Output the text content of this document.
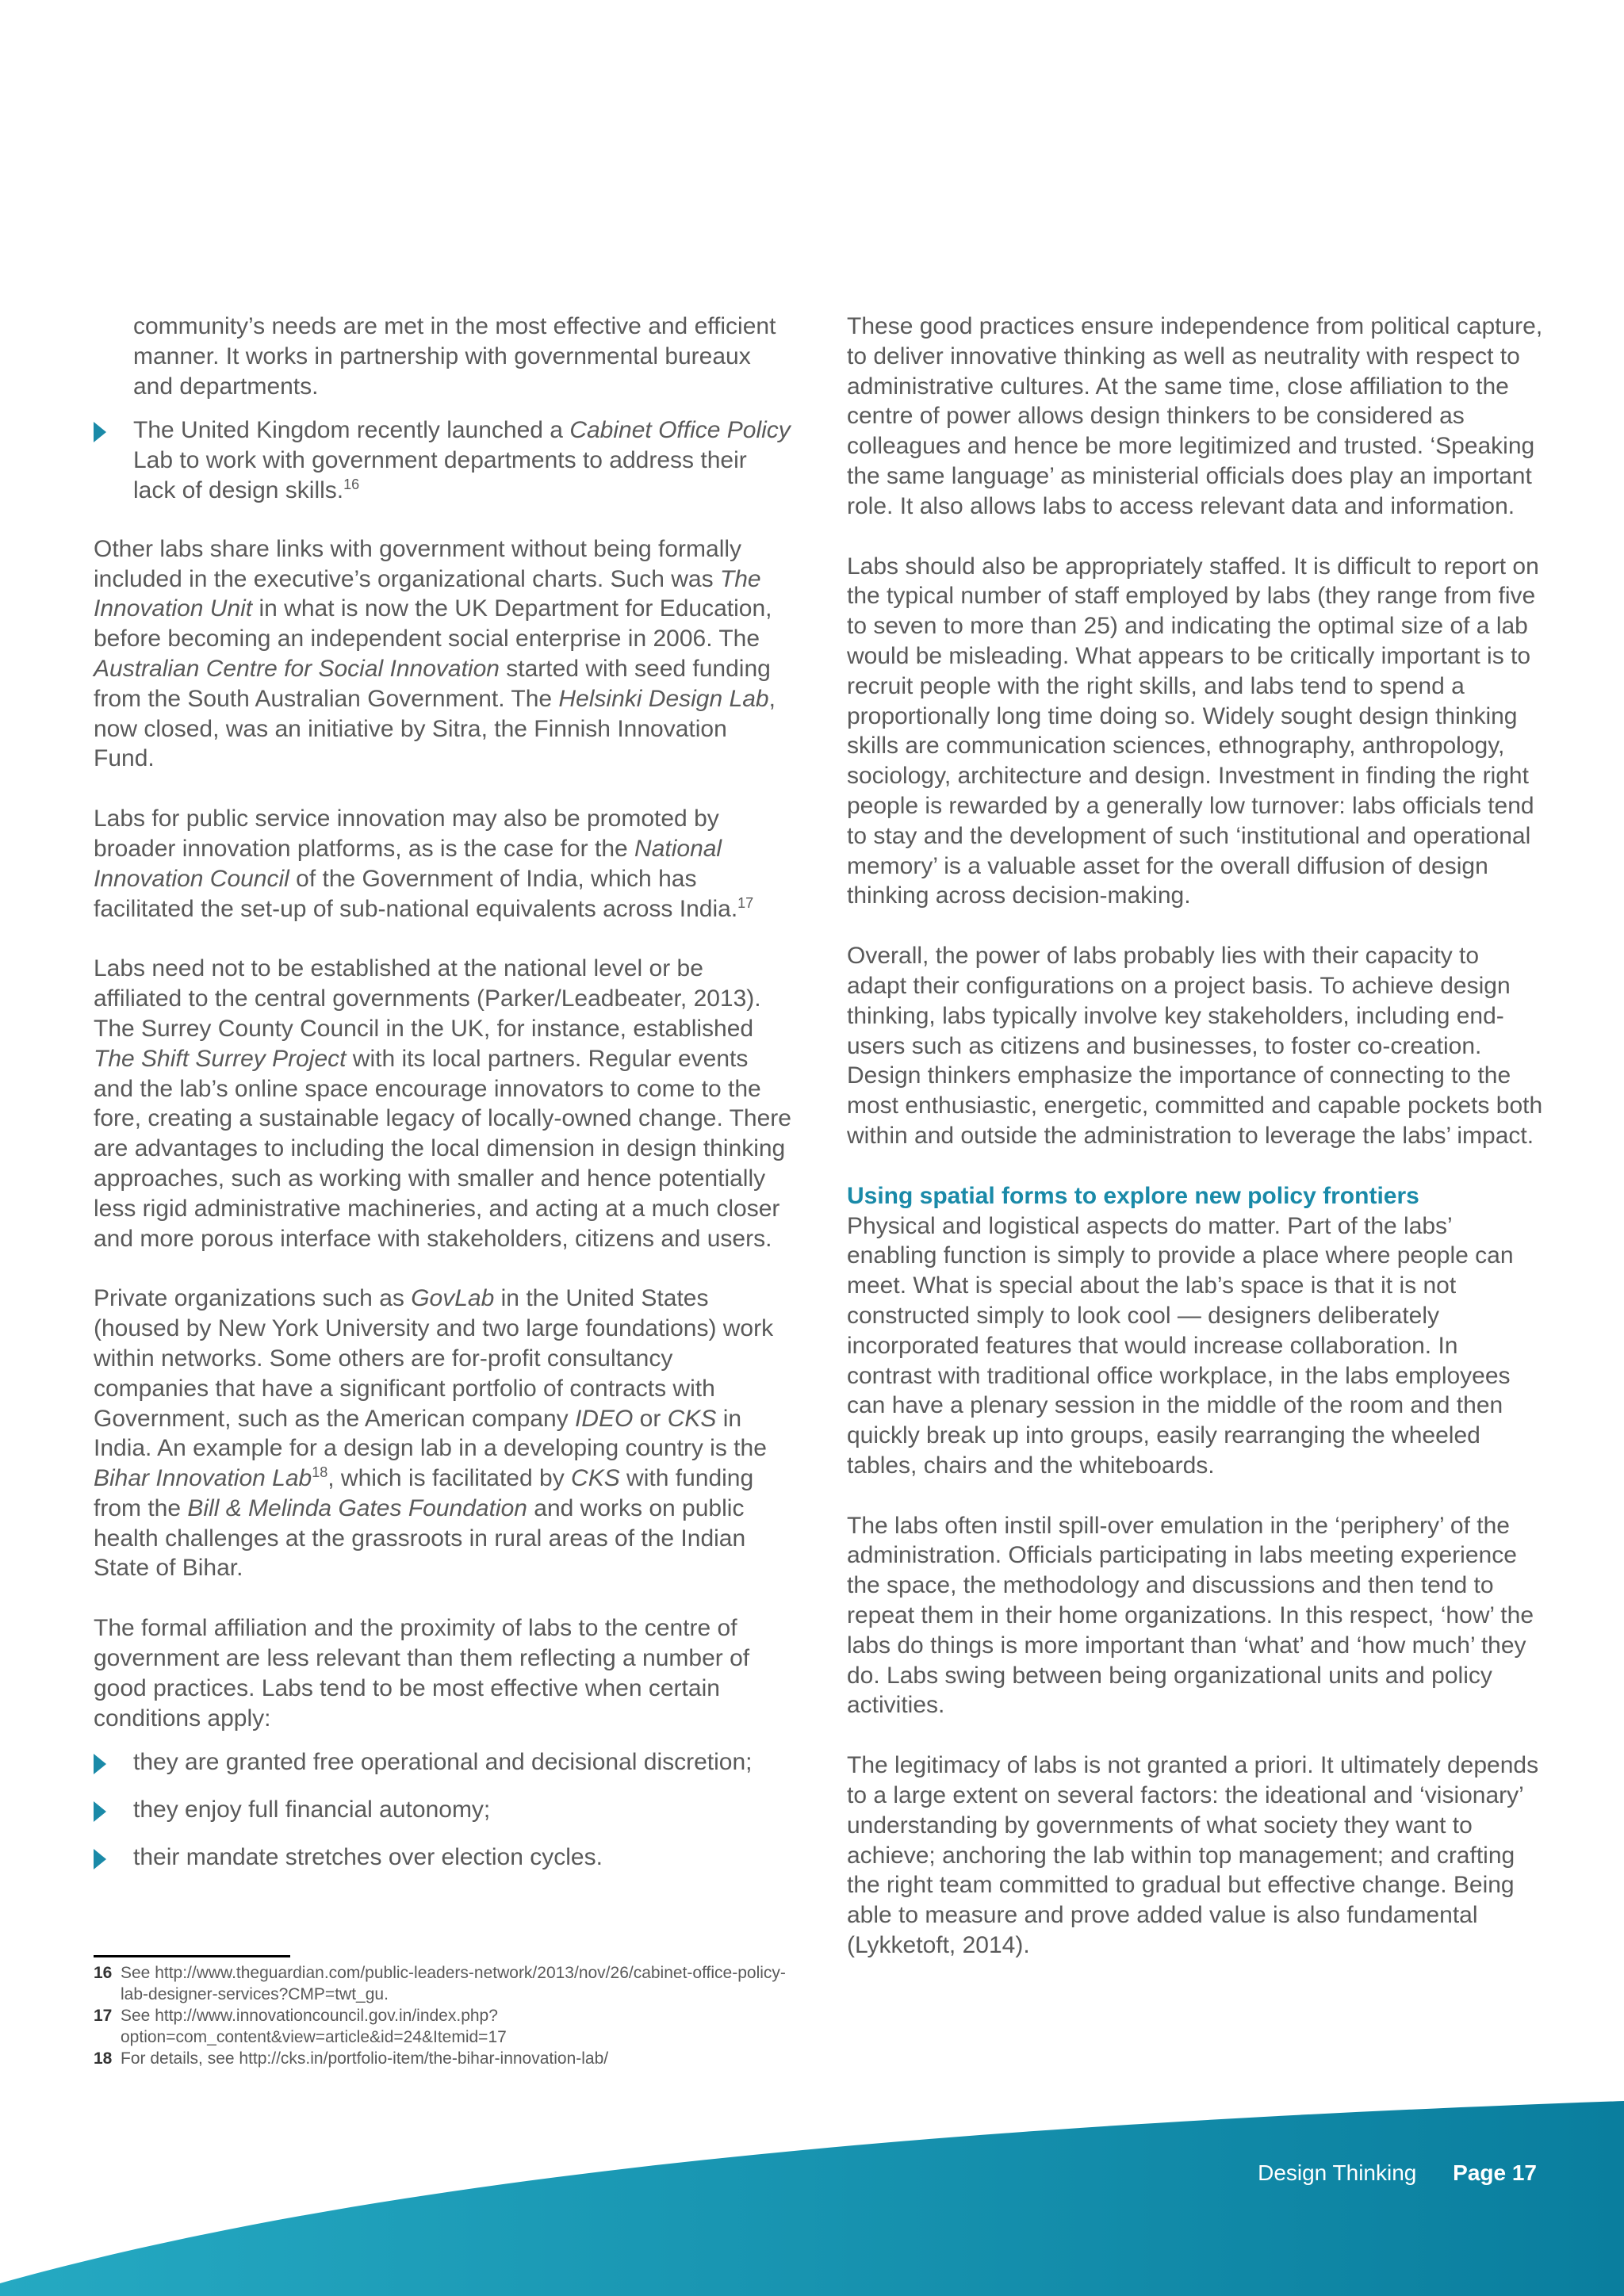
community’s needs are met in the most effective and efficient manner. It works in partnership with governmental bureaux and departments.

The United Kingdom recently launched a Cabinet Office Policy Lab to work with government departments to address their lack of design skills.$^{16}$

Other labs share links with government without being formally included in the executive’s organizational charts. Such was The Innovation Unit in what is now the UK Department for Education, before becoming an independent social enterprise in 2006. The Australian Centre for Social Innovation started with seed funding from the South Australian Government. The Helsinki Design Lab, now closed, was an initiative by Sitra, the Finnish Innovation Fund.

Labs for public service innovation may also be promoted by broader innovation platforms, as is the case for the National Innovation Council of the Government of India, which has facilitated the set-up of sub-national equivalents across India.$^{17}$

Labs need not to be established at the national level or be affiliated to the central governments (Parker/Leadbeater, 2013). The Surrey County Council in the UK, for instance, established The Shift Surrey Project with its local partners. Regular events and the lab’s online space encourage innovators to come to the fore, creating a sustainable legacy of locally-owned change. There are advantages to including the local dimension in design thinking approaches, such as working with smaller and hence potentially less rigid administrative machineries, and acting at a much closer and more porous interface with stakeholders, citizens and users.

Private organizations such as GovLab in the United States (housed by New York University and two large foundations) work within networks. Some others are for-profit consultancy companies that have a significant portfolio of contracts with Government, such as the American company IDEO or CKS in India. An example for a design lab in a developing country is the Bihar Innovation Lab$^{18}$, which is facilitated by CKS with funding from the Bill & Melinda Gates Foundation and works on public health challenges at the grassroots in rural areas of the Indian State of Bihar.

The formal affiliation and the proximity of labs to the centre of government are less relevant than them reflecting a number of good practices. Labs tend to be most effective when certain conditions apply:

they are granted free operational and decisional discretion;
they enjoy full financial autonomy;
their mandate stretches over election cycles.

16 See http://www.theguardian.com/public-leaders-network/2013/nov/26/cabinet-office-policy-lab-designer-services?CMP=twt_gu.

17 See http://www.innovationcouncil.gov.in/index.php?option=com_content&view=article&id=24&Itemid=17

18 For details, see http://cks.in/portfolio-item/the-bihar-innovation-lab/

These good practices ensure independence from political capture, to deliver innovative thinking as well as neutrality with respect to administrative cultures. At the same time, close affiliation to the centre of power allows design thinkers to be considered as colleagues and hence be more legitimized and trusted. ‘Speaking the same language’ as ministerial officials does play an important role. It also allows labs to access relevant data and information.

Labs should also be appropriately staffed. It is difficult to report on the typical number of staff employed by labs (they range from five to seven to more than 25) and indicating the optimal size of a lab would be misleading. What appears to be critically important is to recruit people with the right skills, and labs tend to spend a proportionally long time doing so. Widely sought design thinking skills are communication sciences, ethnography, anthropology, sociology, architecture and design. Investment in finding the right people is rewarded by a generally low turnover: labs officials tend to stay and the development of such ‘institutional and operational memory’ is a valuable asset for the overall diffusion of design thinking across decision-making.

Overall, the power of labs probably lies with their capacity to adapt their configurations on a project basis. To achieve design thinking, labs typically involve key stakeholders, including end-users such as citizens and businesses, to foster co-creation. Design thinkers emphasize the importance of connecting to the most enthusiastic, energetic, committed and capable pockets both within and outside the administration to leverage the labs’ impact.

Using spatial forms to explore new policy frontiers

Physical and logistical aspects do matter. Part of the labs’ enabling function is simply to provide a place where people can meet. What is special about the lab’s space is that it is not constructed simply to look cool — designers deliberately incorporated features that would increase collaboration. In contrast with traditional office workplace, in the labs employees can have a plenary session in the middle of the room and then quickly break up into groups, easily rearranging the wheeled tables, chairs and the whiteboards.

The labs often instil spill-over emulation in the ‘periphery’ of the administration. Officials participating in labs meeting experience the space, the methodology and discussions and then tend to repeat them in their home organizations. In this respect, ‘how’ the labs do things is more important than ‘what’ and ‘how much’ they do. Labs swing between being organizational units and policy activities.

The legitimacy of labs is not granted a priori. It ultimately depends to a large extent on several factors: the ideational and ‘visionary’ understanding by governments of what society they want to achieve; anchoring the lab within top management; and crafting the right team committed to gradual but effective change. Being able to measure and prove added value is also fundamental (Lykketoft, 2014).

Design Thinking Page 17
